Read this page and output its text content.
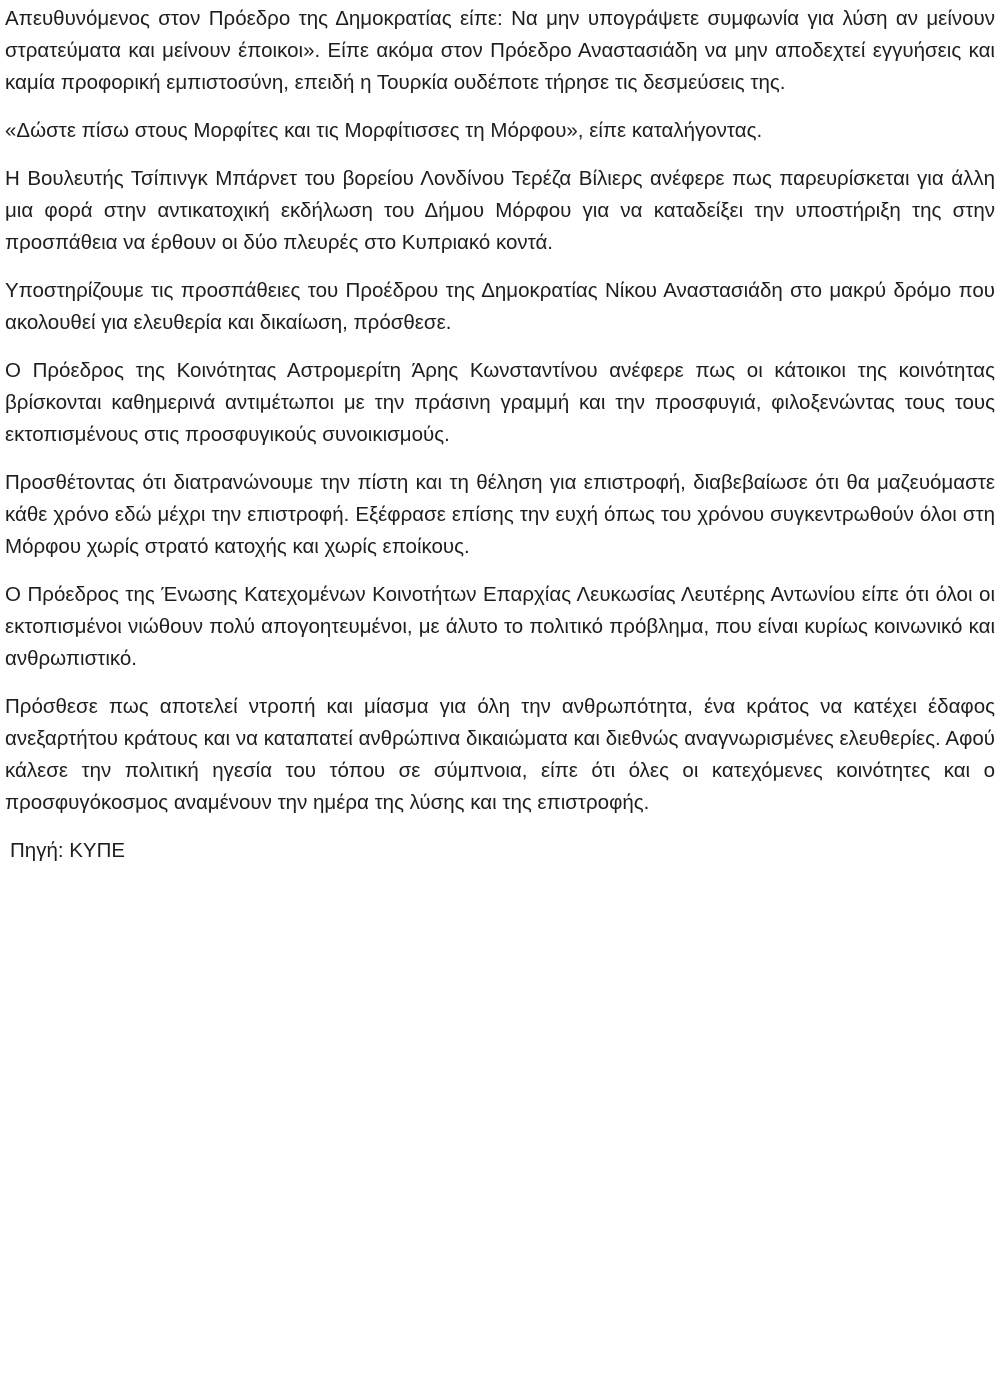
Απευθυνόμενος στον Πρόεδρο της Δημοκρατίας είπε: Να μην υπογράψετε συμφωνία για λύση αν μείνουν στρατεύματα και μείνουν έποικοι». Είπε ακόμα στον Πρόεδρο Αναστασιάδη να μην αποδεχτεί εγγυήσεις και καμία προφορική εμπιστοσύνη, επειδή η Τουρκία ουδέποτε τήρησε τις δεσμεύσεις της.

«Δώστε πίσω στους Μορφίτες και τις Μορφίτισσες τη Μόρφου», είπε καταλήγοντας.

Η Βουλευτής Τσίπινγκ Μπάρνετ του βορείου Λονδίνου Τερέζα Βίλιερς ανέφερε πως παρευρίσκεται για άλλη μια φορά στην αντικατοχική εκδήλωση του Δήμου Μόρφου για να καταδείξει την υποστήριξη της στην προσπάθεια να έρθουν οι δύο πλευρές στο Κυπριακό κοντά.

Υποστηρίζουμε τις προσπάθειες του Προέδρου της Δημοκρατίας Νίκου Αναστασιάδη στο μακρύ δρόμο που ακολουθεί για ελευθερία και δικαίωση, πρόσθεσε.

Ο Πρόεδρος της Κοινότητας Αστρομερίτη Άρης Κωνσταντίνου ανέφερε πως οι κάτοικοι της κοινότητας βρίσκονται καθημερινά αντιμέτωποι με την πράσινη γραμμή και την προσφυγιά, φιλοξενώντας τους τους εκτοπισμένους στις προσφυγικούς συνοικισμούς.

Προσθέτοντας ότι διατρανώνουμε την πίστη και τη θέληση για επιστροφή, διαβεβαίωσε ότι θα μαζευόμαστε κάθε χρόνο εδώ μέχρι την επιστροφή. Εξέφρασε επίσης την ευχή όπως του χρόνου συγκεντρωθούν όλοι στη Μόρφου χωρίς στρατό κατοχής και χωρίς εποίκους.

Ο Πρόεδρος της Ένωσης Κατεχομένων Κοινοτήτων Επαρχίας Λευκωσίας Λευτέρης Αντωνίου είπε ότι όλοι οι εκτοπισμένοι νιώθουν πολύ απογοητευμένοι, με άλυτο το πολιτικό πρόβλημα, που είναι κυρίως κοινωνικό και ανθρωπιστικό.

Πρόσθεσε πως αποτελεί ντροπή και μίασμα για όλη την ανθρωπότητα, ένα κράτος να κατέχει έδαφος ανεξαρτήτου κράτους και να καταπατεί ανθρώπινα δικαιώματα και διεθνώς αναγνωρισμένες ελευθερίες. Αφού κάλεσε την πολιτική ηγεσία του τόπου σε σύμπνοια, είπε ότι όλες οι κατεχόμενες κοινότητες και ο προσφυγόκοσμος αναμένουν την ημέρα της λύσης και της επιστροφής.

Πηγή: ΚΥΠΕ
